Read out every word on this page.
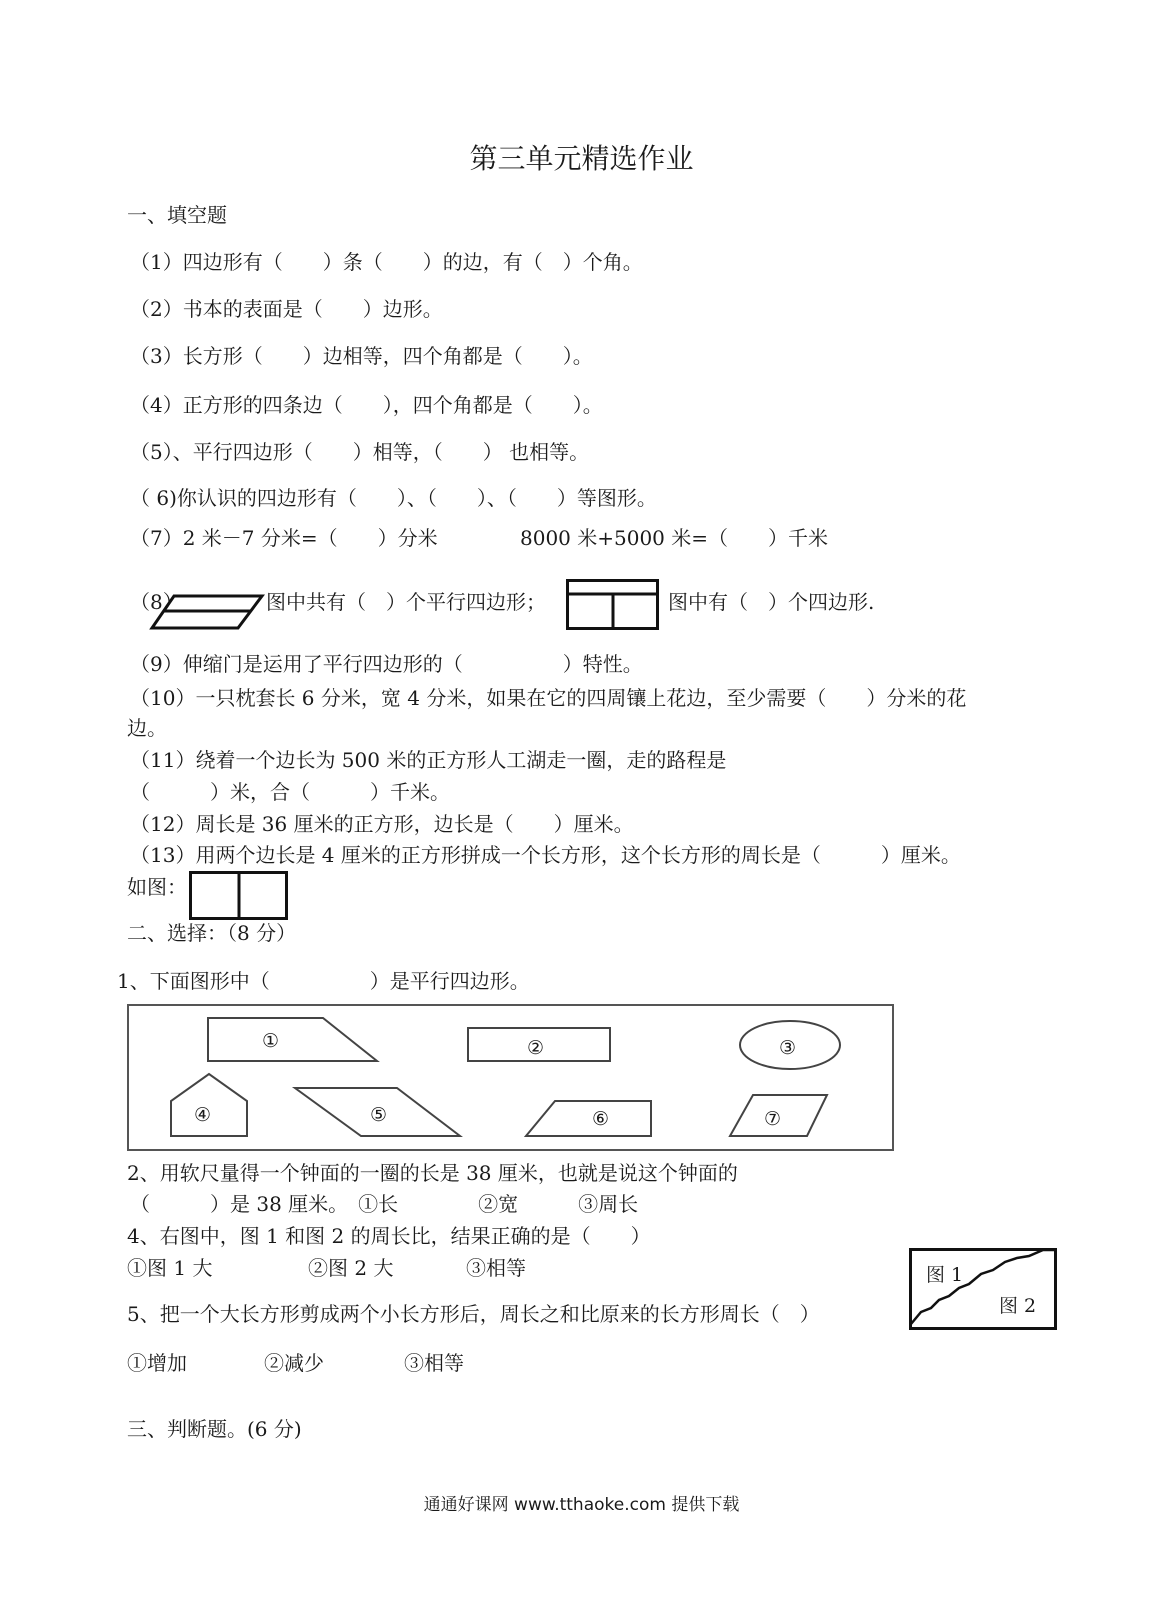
第三单元精选作业
一、填空题
（1）四边形有（　　）条（　　）的边，有（　）个角。
（2）书本的表面是（　　）边形。
（3）长方形（　　）边相等，四个角都是（　　）。
（4）正方形的四条边（　　），四个角都是（　　）。
（5）、平行四边形（　　）相等，（　　） 也相等。
（ 6)你认识的四边形有（　　）、（　　）、（　　）等图形。
（7）2 米－7 分米=（　　）分米	8000 米+5000 米=（　　）千米
（8）	图中共有（　）个平行四边形；	图中有（　）个四边形.
（9）伸缩门是运用了平行四边形的（　　　　　）特性。
（10）一只枕套长 6 分米，宽 4 分米，如果在它的四周镶上花边，至少需要（　　）分米的花
边。
（11）绕着一个边长为 500 米的正方形人工湖走一圈，走的路程是
（　　　）米，合（　　　）千米。
（12）周长是 36 厘米的正方形，边长是（　　）厘米。
（13）用两个边长是 4 厘米的正方形拼成一个长方形，这个长方形的周长是（　　　）厘米。
如图：
二、选择：（8 分）
1、下面图形中（　　　　　）是平行四边形。
①	②	③
④	⑤	⑥	⑦
2、用软尺量得一个钟面的一圈的长是 38 厘米，也就是说这个钟面的
（　　　）是 38 厘米。　①长　　　　②宽　　　③周长
4、右图中，图 1 和图 2 的周长比，结果正确的是（　　）
①图 1 大	②图 2 大	③相等	图 1
图 2
5、把一个大长方形剪成两个小长方形后，周长之和比原来的长方形周长（　）
①增加	②减少	③相等
三、判断题。(6 分)
通通好课网 www.tthaoke.com 提供下载
